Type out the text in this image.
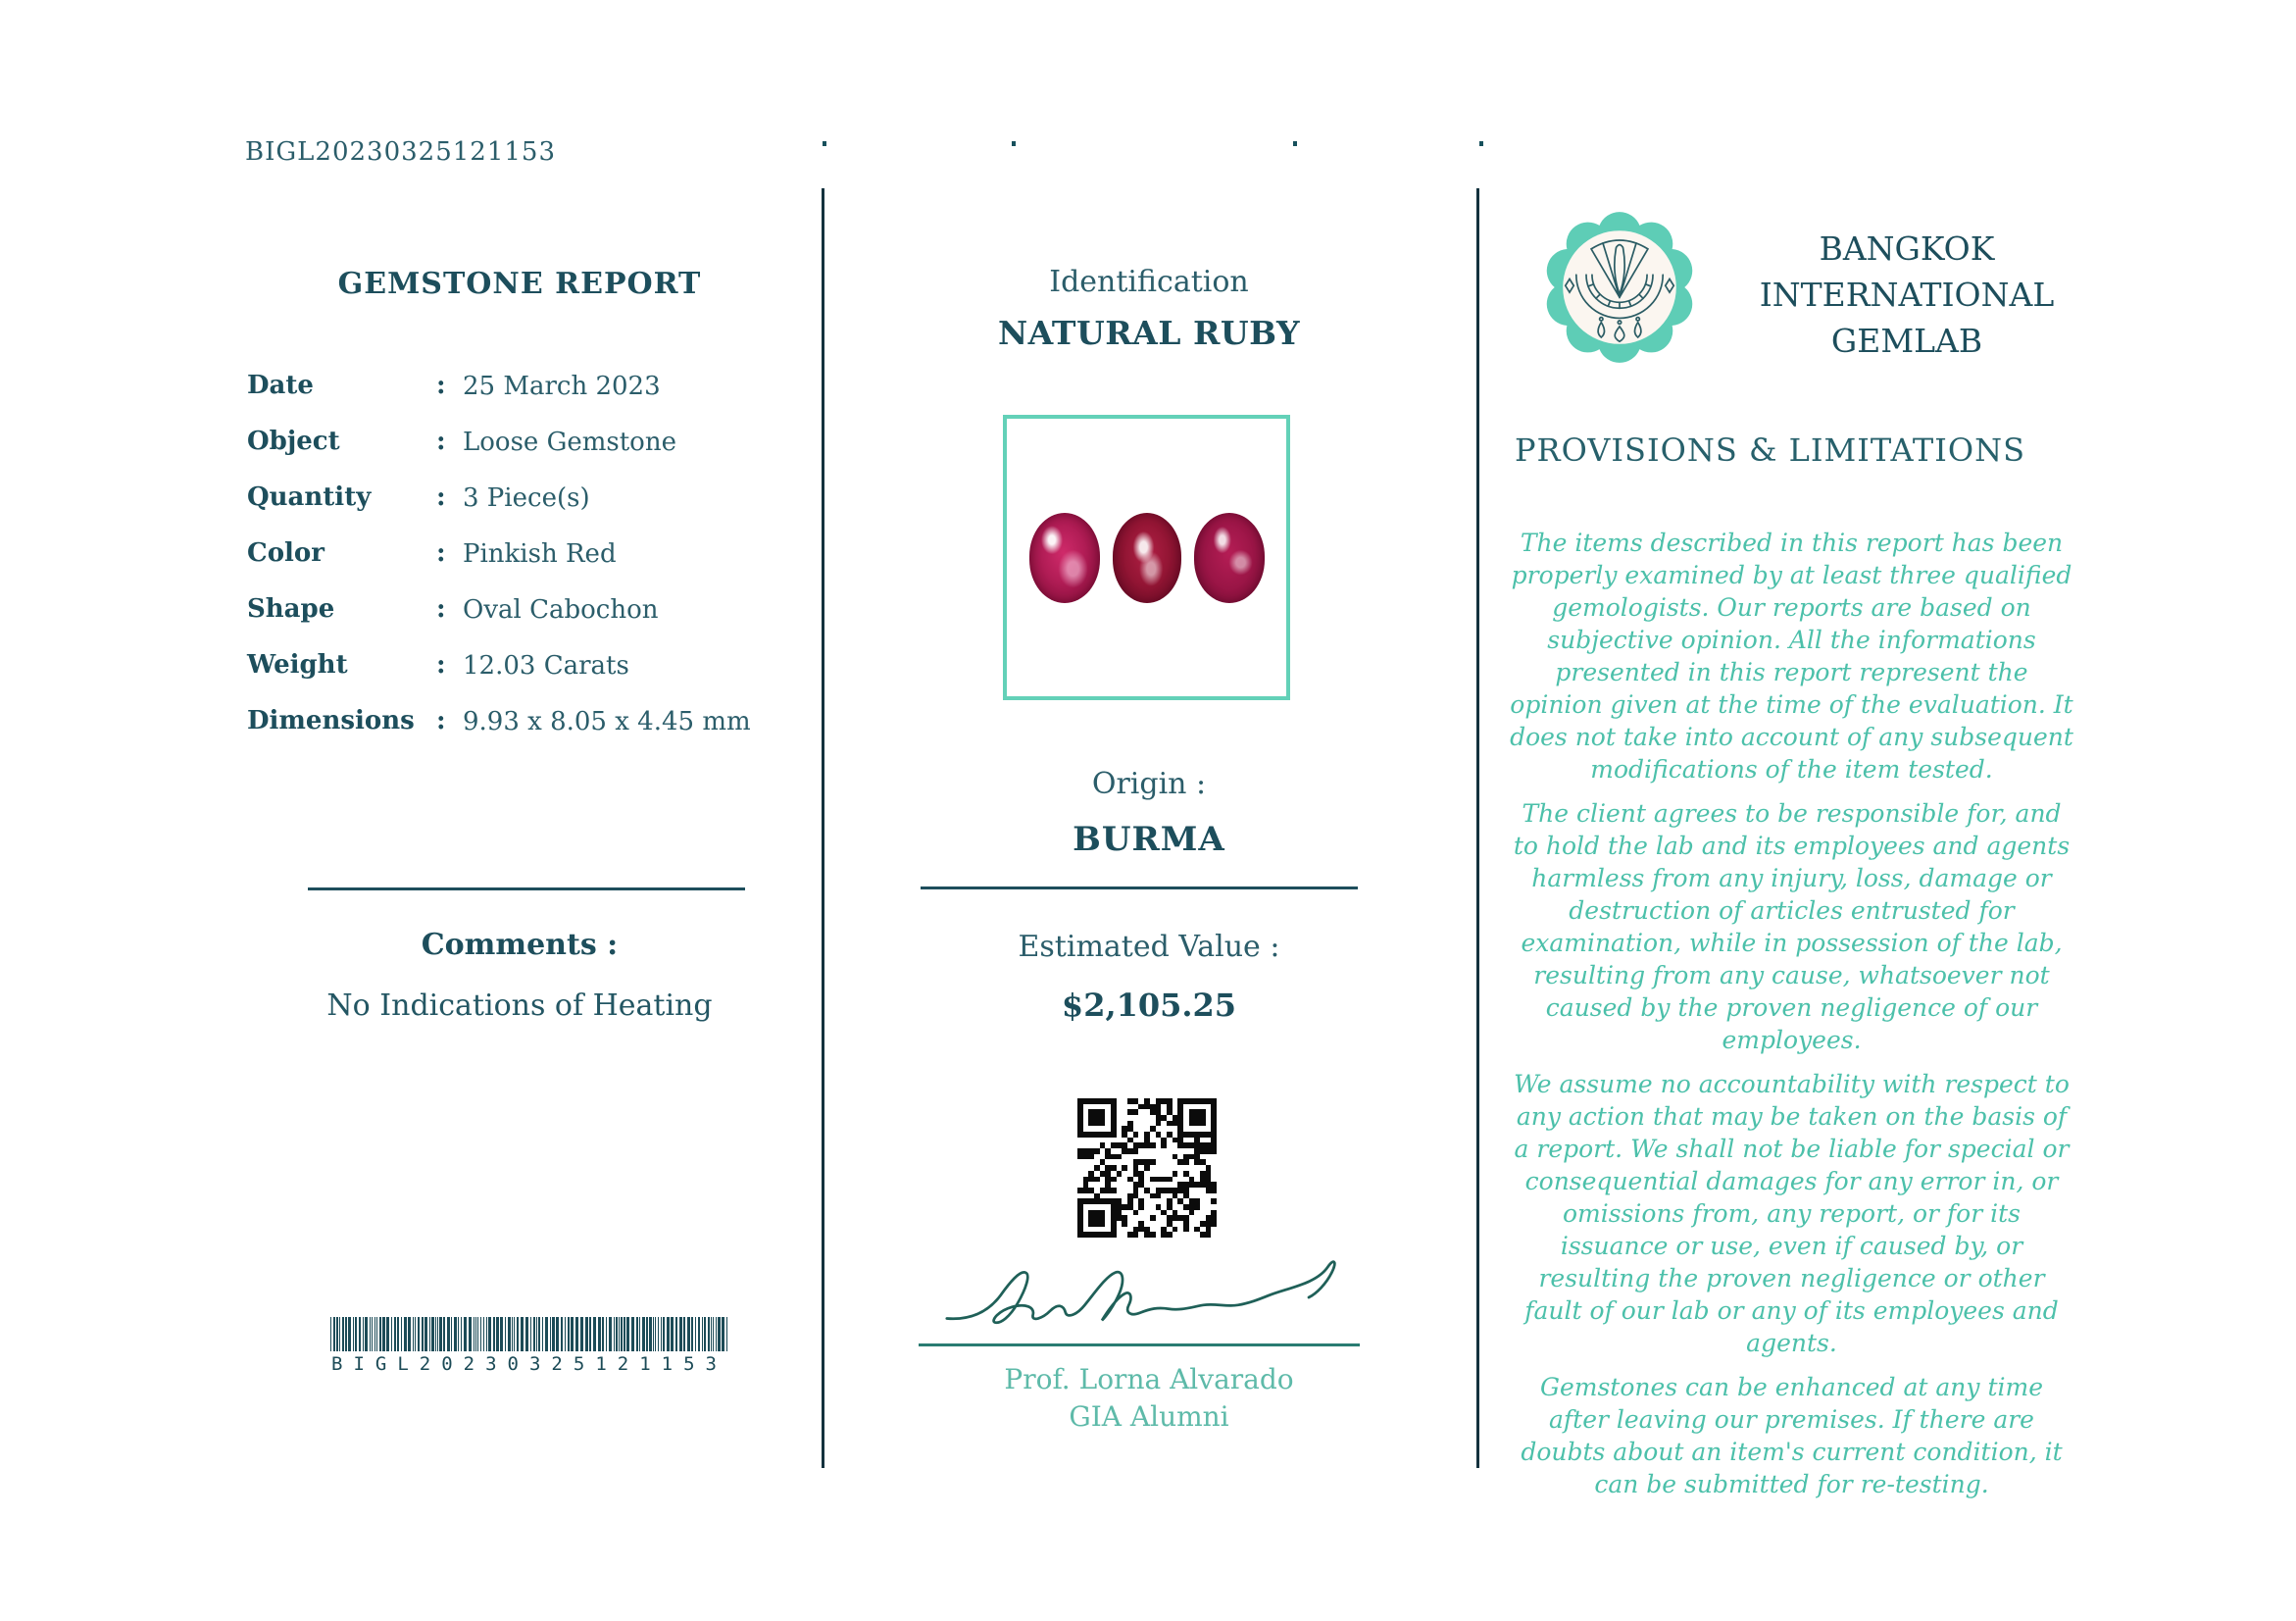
BIGL20230325121153
GEMSTONE REPORT
Date	: 25 March 2023
Object	: Loose Gemstone
Quantity	: 3 Piece(s)
Color	: Pinkish Red
Shape	: Oval Cabochon
Weight	: 12.03 Carats
Dimensions : 9.93 x 8.05 x 4.45 mm
Comments :
No Indications of Heating
BIGL20230325121153
Identification
NATURAL RUBY
Origin :
BURMA
Estimated Value :
$2,105.25
Prof. Lorna Alvarado
GIA Alumni
BANGKOK
INTERNATIONAL
GEMLAB
PROVISIONS & LIMITATIONS

The items described in this report has been properly examined by at least three qualified gemologists. Our reports are based on subjective opinion. All the informations presented in this report represent the opinion given at the time of the evaluation. It does not take into account of any subsequent modifications of the item tested.

The client agrees to be responsible for, and to hold the lab and its employees and agents harmless from any injury, loss, damage or destruction of articles entrusted for examination, while in possession of the lab, resulting from any cause, whatsoever not caused by the proven negligence of our employees.

We assume no accountability with respect to any action that may be taken on the basis of a report. We shall not be liable for special or consequential damages for any error in, or omissions from, any report, or for its issuance or use, even if caused by, or resulting the proven negligence or other fault of our lab or any of its employees and agents.

Gemstones can be enhanced at any time after leaving our premises. If there are doubts about an item's current condition, it can be submitted for re-testing.
